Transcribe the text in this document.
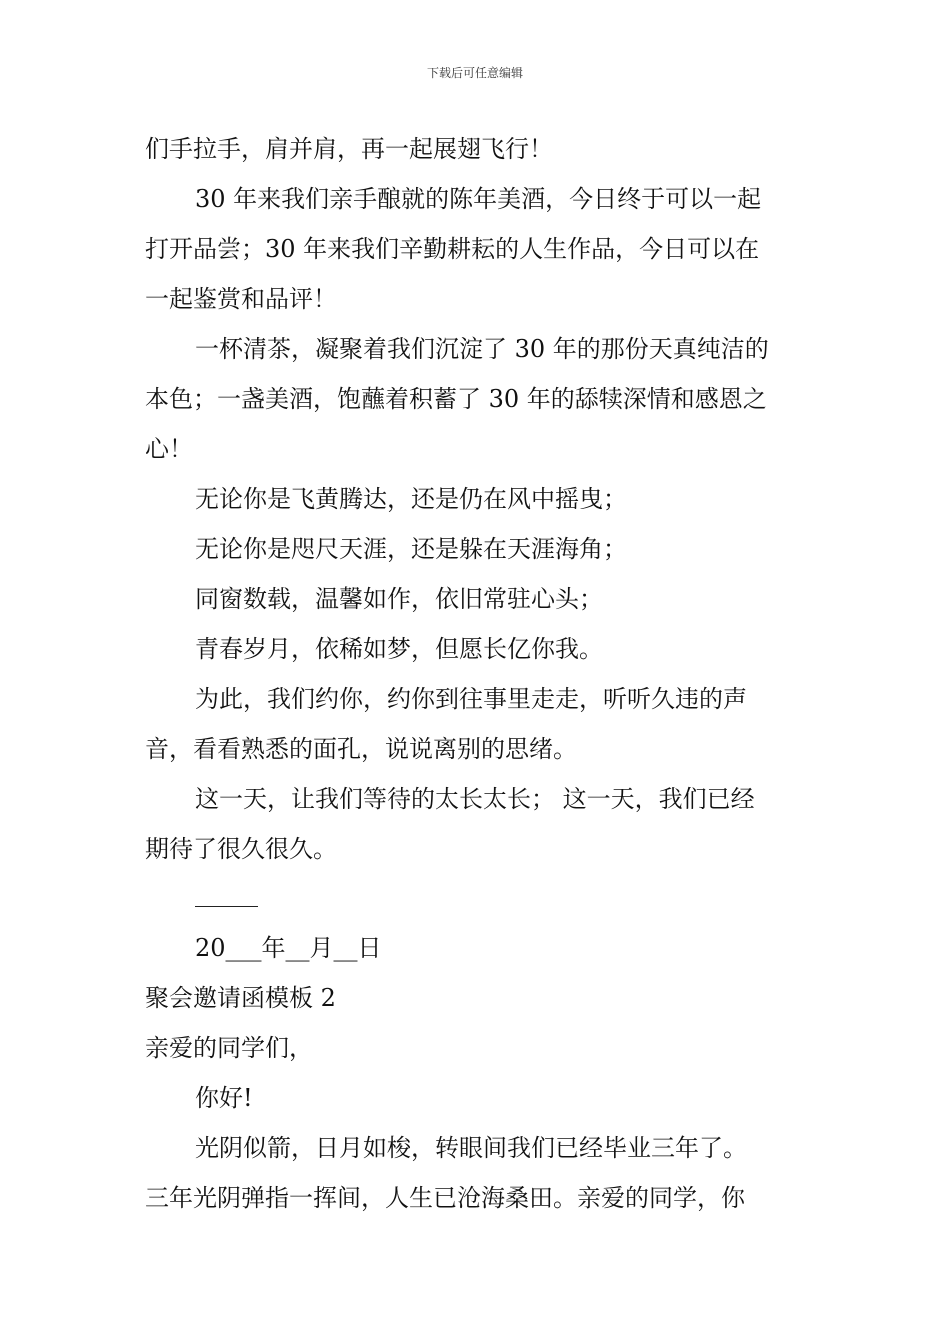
下载后可任意编辑
们手拉手，肩并肩，再一起展翅飞行！
30 年来我们亲手酿就的陈年美酒，今日终于可以一起
打开品尝；30 年来我们辛勤耕耘的人生作品，今日可以在
一起鉴赏和品评！
一杯清茶，凝聚着我们沉淀了 30 年的那份天真纯洁的
本色；一盏美酒，饱蘸着积蓄了 30 年的舔犊深情和感恩之
心！
无论你是飞黄腾达，还是仍在风中摇曳；
无论你是咫尺天涯，还是躲在天涯海角；
同窗数载，温馨如作，依旧常驻心头；
青春岁月，依稀如梦，但愿长亿你我。
为此，我们约你，约你到往事里走走，听听久违的声
音，看看熟悉的面孔，说说离别的思绪。
这一天，让我们等待的太长太长； 这一天，我们已经
期待了很久很久。
20___年__月__日
聚会邀请函模板 2
亲爱的同学们，
你好!
光阴似箭，日月如梭，转眼间我们已经毕业三年了。
三年光阴弹指一挥间，人生已沧海桑田。亲爱的同学，你
